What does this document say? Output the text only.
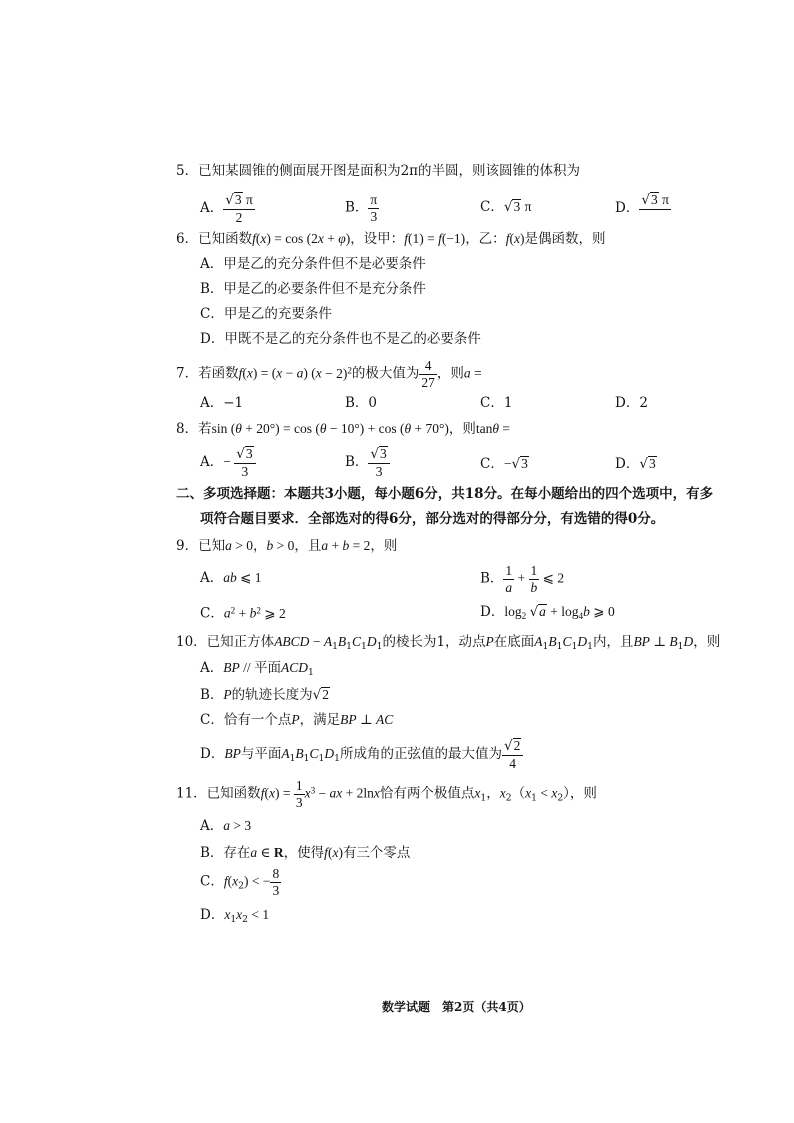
5．已知某圆锥的侧面展开图是面积为2π的半圆，则该圆锥的体积为
A． $\frac{√3 \pi}{2}$	B． $\frac{\pi}{3}$	C．√3 π	D．
√3 π

6．已知函数f(x) = cos (2x + φ)，设甲：f(1) = f(−1)，乙：f(x)是偶函数，则
A．甲是乙的充分条件但不是必要条件
B．甲是乙的必要条件但不是充分条件
C．甲是乙的充要条件
D．甲既不是乙的充分条件也不是乙的必要条件
7．若函数f(x) = (x − a) $(x - 2)^2$的极大值为 $\frac{4}{27}$ ，则a =
A．−1	B．0	C．1	D．2
8．若sin (θ + 20°) = cos (θ − 10°) + cos (θ + 70°)，则tanθ =
A．− $\frac{√3}{3}$	B． $\frac{√3}{3}$	C．−√3	D．√3
二、多项选择题：本题共3小题，每小题6分，共18分。在每小题给出的四个选项中，有多
项符合题目要求．全部选对的得6分，部分选对的得部分分，有选错的得0分。
9．已知a > 0，b > 0，且a + b = 2，则
A．ab ⩽ 1	B． $\frac{1}{a} + \frac{1}{b}$ ⩽ 2
C．$a^2 + b^2$ ⩾ 2	D．$\log_2 √a + \log_4b$ ⩾ 0
10．已知正方体ABCD − $A_1B_1C_1D_1$的棱长为1，动点P在底面$A_1B_1C_1D_1$内，且BP ⊥ $B_1D$，则
A．BP // 平面$ACD_1$
B．P的轨迹长度为√2
C．恰有一个点P，满足BP ⊥ AC
D．BP与平面$A_1B_1C_1D_1$所成角的正弦值的最大值为 $\frac{√2}{4}$
11．已知函数$f(x) = \frac{1}{3} x^3$ − ax + 2lnx恰有两个极值点$x_1$，$x_2(x_1 < x_2)$，则
A．a > 3
B．存在a ∈ R，使得f(x)有三个零点
C．$f(x_2)$ < − $\frac{8}{3}$
D．$x_1x_2 < 1$
数学试题　第2页（共4页）
